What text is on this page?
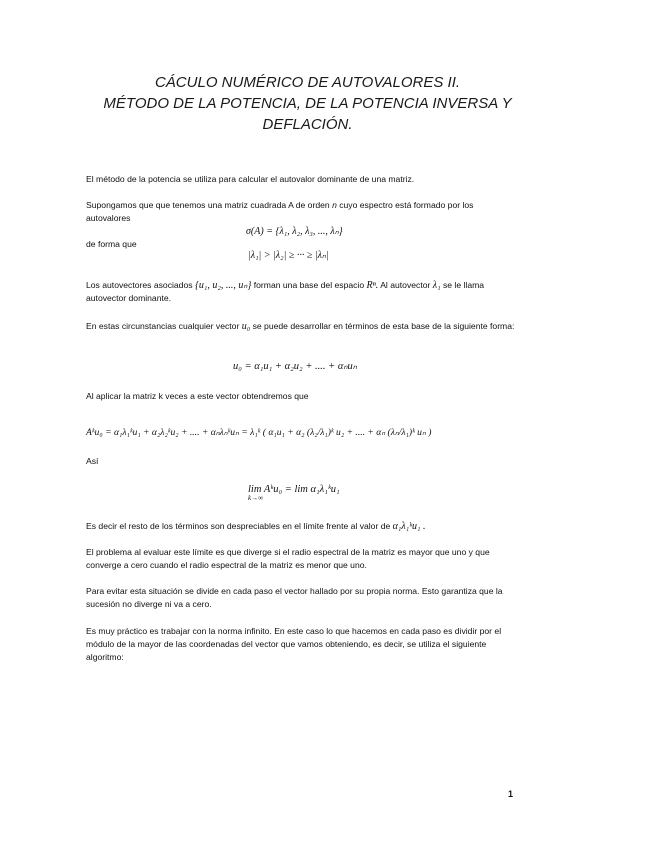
CÁCULO NUMÉRICO DE AUTOVALORES II.
MÉTODO DE LA POTENCIA, DE LA POTENCIA INVERSA Y
DEFLACIÓN.
El método de la potencia se utiliza para calcular el autovalor dominante de una matriz.
Supongamos que que tenemos una matriz cuadrada A de orden n cuyo espectro está formado por los autovalores
σ(A) = {λ₁, λ₂, λ₃, ..., λₙ}
de forma que
|λ₁| > |λ₂| ≥ ··· ≥ |λₙ|
Los autovectores asociados {u₁, u₂, ..., uₙ} forman una base del espacio Rⁿ. Al autovector λ₁ se le llama autovector dominante.
En estas circunstancias cualquier vector u₀ se puede desarrollar en términos de esta base de la siguiente forma:
u₀ = α₁u₁ + α₂u₂ + .... + αₙuₙ
Al aplicar la matriz k veces a este vector obtendremos que
Aᵏu₀ = α₁λ₁ᵏu₁ + α₂λ₂ᵏu₂ + .... + αₙλₙᵏuₙ = λ₁ᵏ ( α₁u₁ + α₂ (λ₂/λ₁)ᵏ u₂ + .... + αₙ (λₙ/λ₁)ᵏ uₙ )
Así
lim Aᵏu₀ = lim α₁λ₁ᵏu₁
k→∞
Es decir el resto de los términos son despreciables en el límite frente al valor de α₁λ₁ᵏu₁ .
El problema al evaluar este límite es que diverge si el radio espectral de la matriz es mayor que uno y que converge a cero cuando el radio espectral de la matriz es menor que uno.
Para evitar esta situación se divide en cada paso el vector hallado por su propia norma. Esto garantiza que la sucesión no diverge ni va a cero.
Es muy práctico es trabajar con la norma infinito. En este caso lo que hacemos en cada paso es dividir por el módulo de la mayor de las coordenadas del vector que vamos obteniendo, es decir, se utiliza el siguiente algoritmo:
1
